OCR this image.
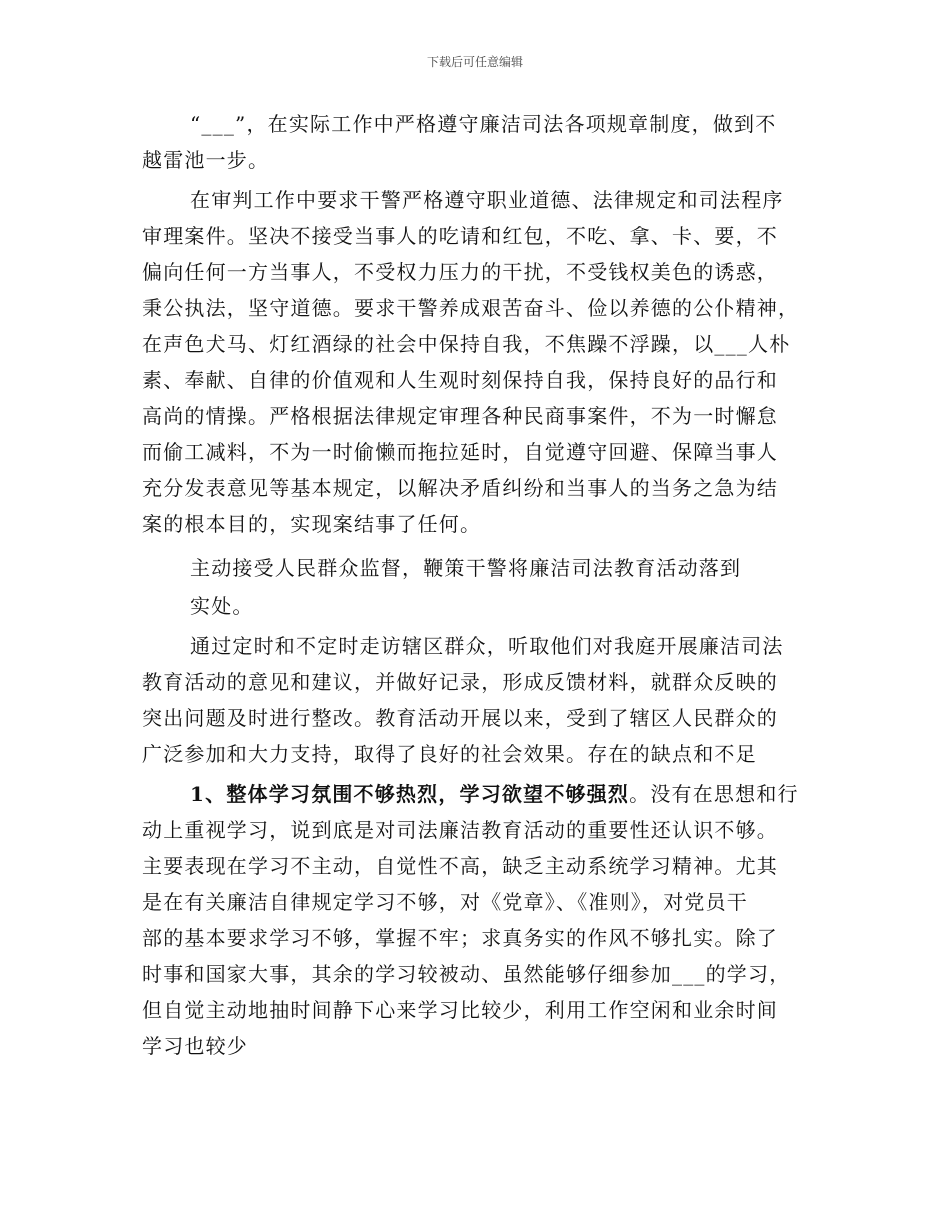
下载后可任意编辑
“___”，在实际工作中严格遵守廉洁司法各项规章制度，做到不
越雷池一步。
在审判工作中要求干警严格遵守职业道德、法律规定和司法程序
审理案件。坚决不接受当事人的吃请和红包，不吃、拿、卡、要，不
偏向任何一方当事人，不受权力压力的干扰，不受钱权美色的诱惑，
秉公执法，坚守道德。要求干警养成艰苦奋斗、俭以养德的公仆精神，
在声色犬马、灯红酒绿的社会中保持自我，不焦躁不浮躁，以___人朴
素、奉献、自律的价值观和人生观时刻保持自我，保持良好的品行和
高尚的情操。严格根据法律规定审理各种民商事案件，不为一时懈怠
而偷工减料，不为一时偷懒而拖拉延时，自觉遵守回避、保障当事人
充分发表意见等基本规定，以解决矛盾纠纷和当事人的当务之急为结
案的根本目的，实现案结事了任何。
主动接受人民群众监督，鞭策干警将廉洁司法教育活动落到
实处。
通过定时和不定时走访辖区群众，听取他们对我庭开展廉洁司法
教育活动的意见和建议，并做好记录，形成反馈材料，就群众反映的
突出问题及时进行整改。教育活动开展以来，受到了辖区人民群众的
广泛参加和大力支持，取得了良好的社会效果。存在的缺点和不足
1、整体学习氛围不够热烈，学习欲望不够强烈。没有在思想和行
动上重视学习，说到底是对司法廉洁教育活动的重要性还认识不够。
主要表现在学习不主动，自觉性不高，缺乏主动系统学习精神。尤其
是在有关廉洁自律规定学习不够，对《党章》、《准则》，对党员干
部的基本要求学习不够，掌握不牢；求真务实的作风不够扎实。除了
时事和国家大事，其余的学习较被动、虽然能够仔细参加___的学习，
但自觉主动地抽时间静下心来学习比较少，利用工作空闲和业余时间
学习也较少
